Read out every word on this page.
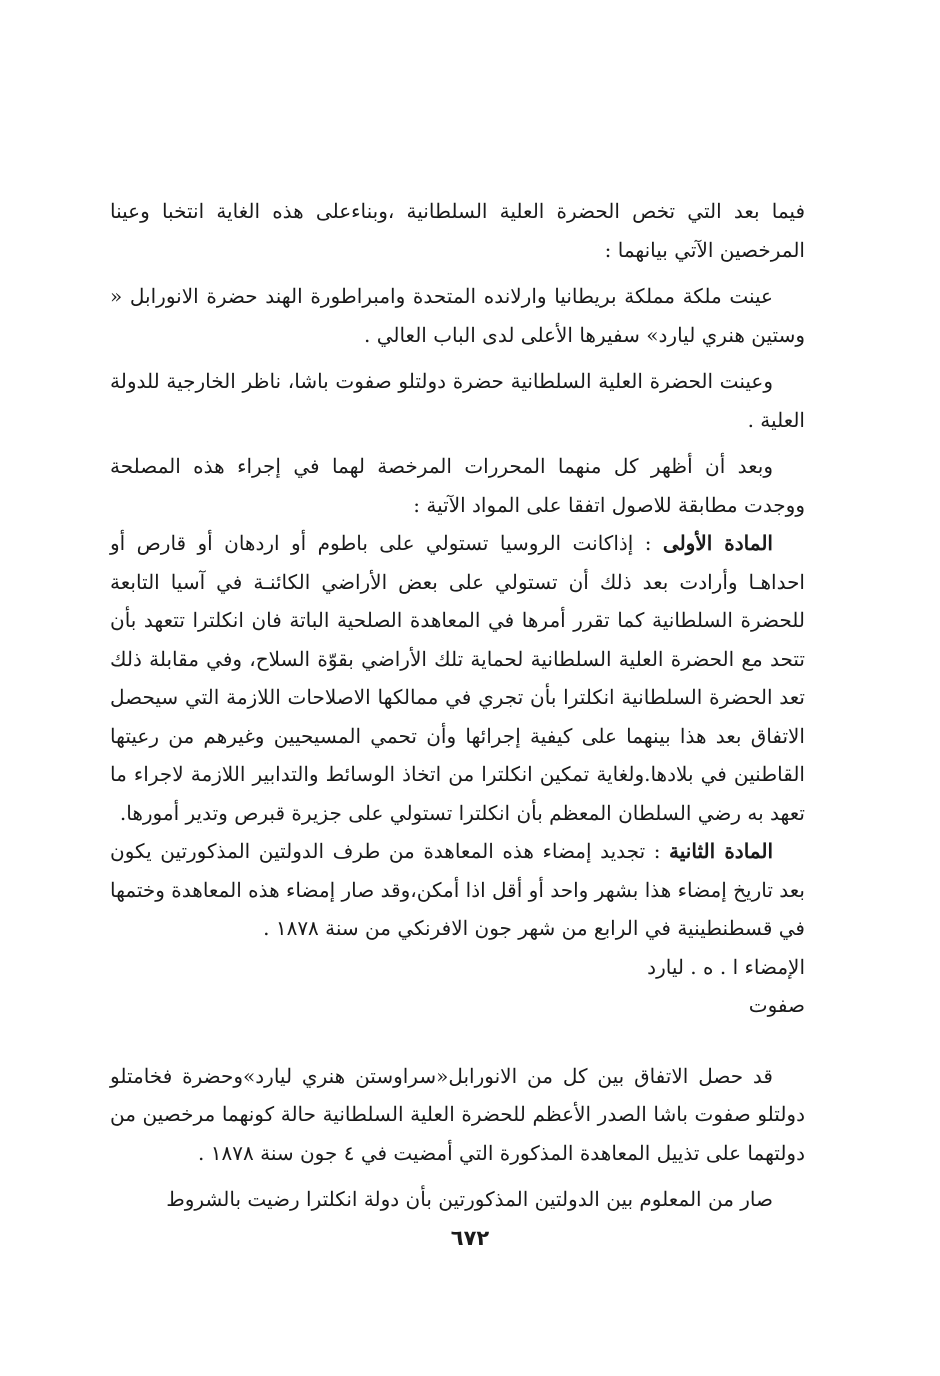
فيما بعد التي تخص الحضرة العلية السلطانية ،وبناءعلى هذه الغاية انتخبا وعينا المرخصين الآتي بيانهما :

عينت ملكة مملكة بريطانيا وارلانده المتحدة وامبراطورة الهند حضرة الانورابل « وستين هنري ليارد» سفيرها الأعلى لدى الباب العالي .

وعينت الحضرة العلية السلطانية حضرة دولتلو صفوت باشا، ناظر الخارجية للدولة العلية .

وبعد أن أظهر كل منهما المحررات المرخصة لهما في إجراء هذه المصلحة ووجدت مطابقة للاصول اتفقا على المواد الآتية :

المادة الأولى : إذاكانت الروسيا تستولي على باطوم أو اردهان أو قارص أو احداهـا وأرادت بعد ذلك أن تستولي على بعض الأراضي الكائنـة في آسيا التابعة للحضرة السلطانية كما تقرر أمرها في المعاهدة الصلحية الباتة فان انكلترا تتعهد بأن تتحد مع الحضرة العلية السلطانية لحماية تلك الأراضي بقوّة السلاح، وفي مقابلة ذلك تعد الحضرة السلطانية انكلترا بأن تجري في ممالكها الاصلاحات اللازمة التي سيحصل الاتفاق بعد هذا بينهما على كيفية إجرائها وأن تحمي المسيحيين وغيرهم من رعيتها القاطنين في بلادها.ولغاية تمكين انكلترا من اتخاذ الوسائط والتدابير اللازمة لاجراء ما تعهد به رضي السلطان المعظم بأن انكلترا تستولي على جزيرة قبرص وتدير أمورها.

المادة الثانية : تجديد إمضاء هذه المعاهدة من طرف الدولتين المذكورتين يكون بعد تاريخ إمضاء هذا بشهر واحد أو أقل اذا أمكن،وقد صار إمضاء هذه المعاهدة وختمها في قسطنطينية في الرابع من شهر جون الافرنكي من سنة ١٨٧٨ .

الإمضاء ا . ه . ليارد

صفوت

قد حصل الاتفاق بين كل من الانورابل«سراوستن هنري ليارد»وحضرة فخامتلو دولتلو صفوت باشا الصدر الأعظم للحضرة العلية السلطانية حالة كونهما مرخصين من دولتهما على تذييل المعاهدة المذكورة التي أمضيت في ٤ جون سنة ١٨٧٨ .

صار من المعلوم بين الدولتين المذكورتين بأن دولة انكلترا رضيت بالشروط

٦٧٢
